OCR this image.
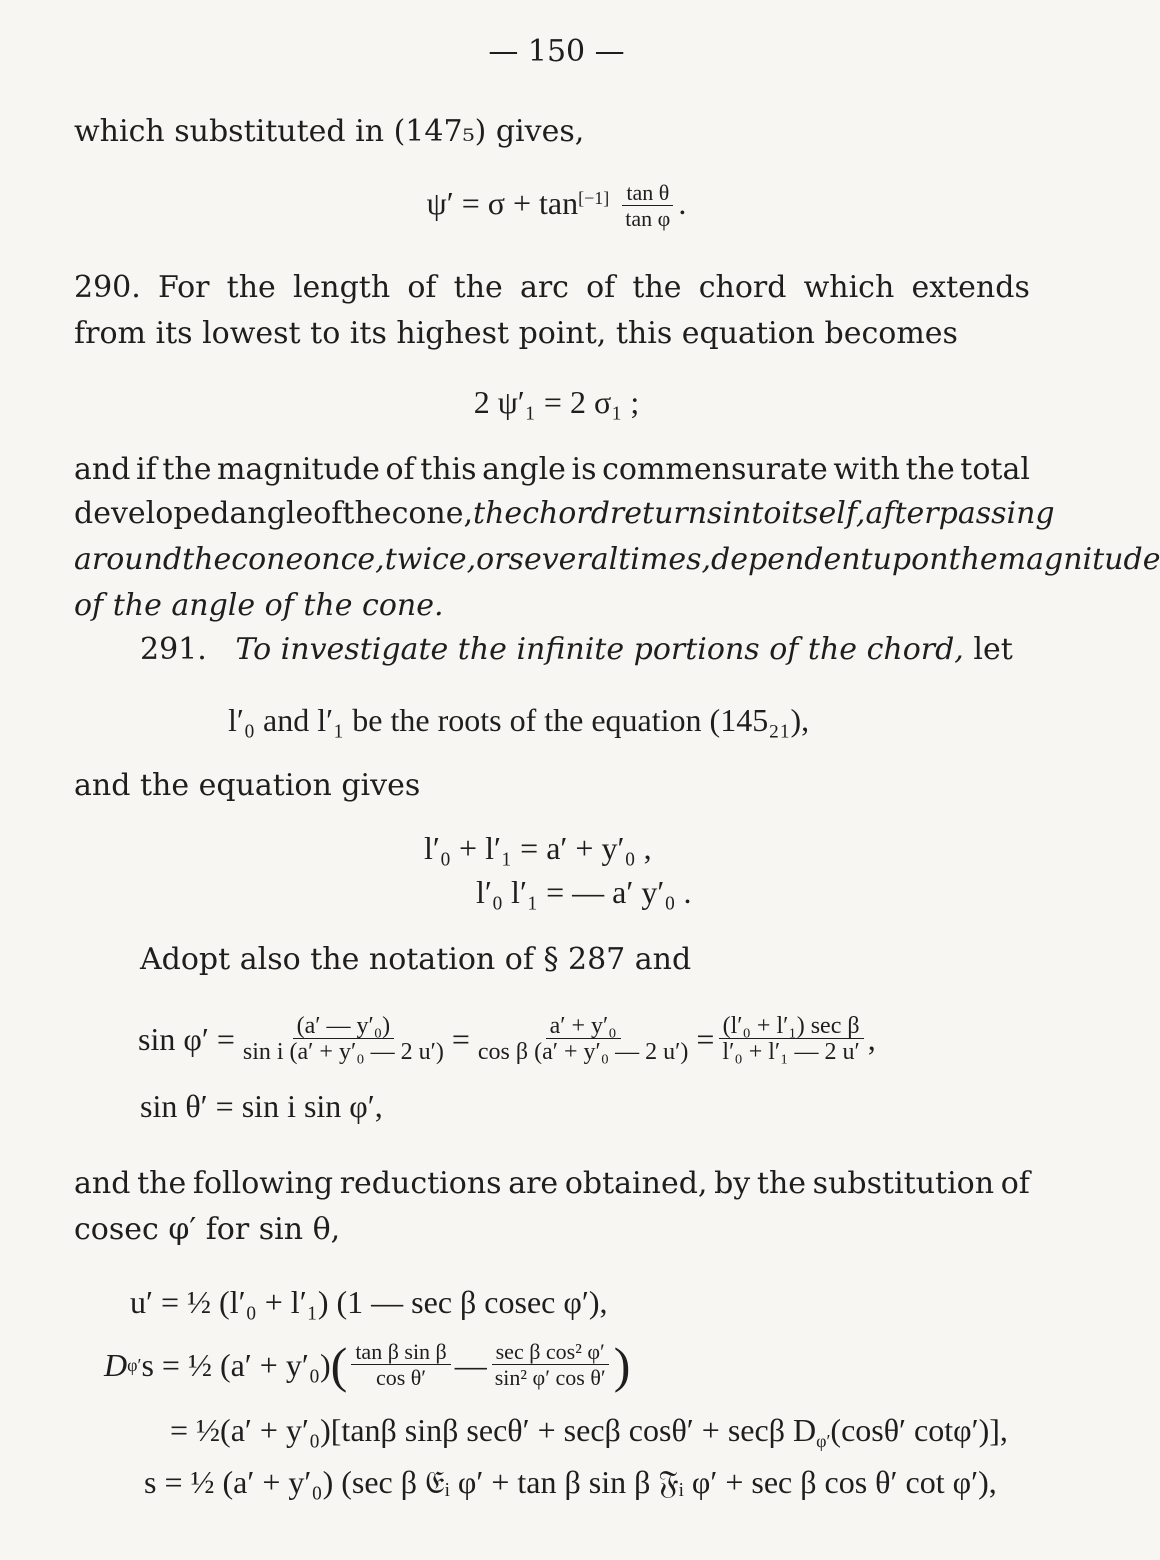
— 150 —
which substituted in (147₅) gives,
$\psi' = \sigma + \tan[-1] \frac{\text{tan θ}}{\text{tan φ}}$ .
290. For the length of the arc of the chord which extends
from its lowest to its highest point, this equation becomes
2 ψ′₁ = 2 σ₁ ;
and if the magnitude of this angle is commensurate with the total
developed angle of the cone, the chord returns into itself, after passing
around the cone once, twice, or several times, dependent upon the magnitude
of the angle of the cone.
291. To investigate the infinite portions of the chord, let
l′₀ and l′₁ be the roots of the equation (145₂₁),
and the equation gives
l′₀ + l′₁ = a′ + y′₀ ,
l′₀ l′₁ = — a′ y′₀ .
Adopt also the notation of § 287 and
$\sin \varphi' = \frac{\text{(a′ — y′₀)}}{\text{sin i (a′ + y′₀ — 2 u′)}} = \frac{\text{a′ + y′₀}}{\text{cos β (a′ + y′₀ — 2 u′)}} = \frac{\text{(l′₀ + l′₁) sec β}}{\text{l′₀ + l′₁ — 2 u′}}$ ,
sin θ′ = sin i sin φ′,
and the following reductions are obtained, by the substitution of
cosec φ′ for sin θ,
u′ = ½ (l′₀ + l′₁) (1 — sec β cosec φ′),
D φ′ s = ½ (a′ + y′₀) ( $\frac{\text{tan β sin β}}{\text{cos θ′}}$ — $\frac{\text{sec β cos² φ′}}{\text{sin² φ′ cos θ′}}$ )
= ½(a′ + y′₀)[tanβ sinβ secθ′ + secβ cosθ′ + secβ $D_{\varphi'}(\cos\theta'$ cotφ′)],
s = ½ (a′ + y′₀) (sec β 𝔈ᵢ φ′ + tan β sin β 𝔉ᵢ φ′ + sec β cos θ′ cot φ′),
